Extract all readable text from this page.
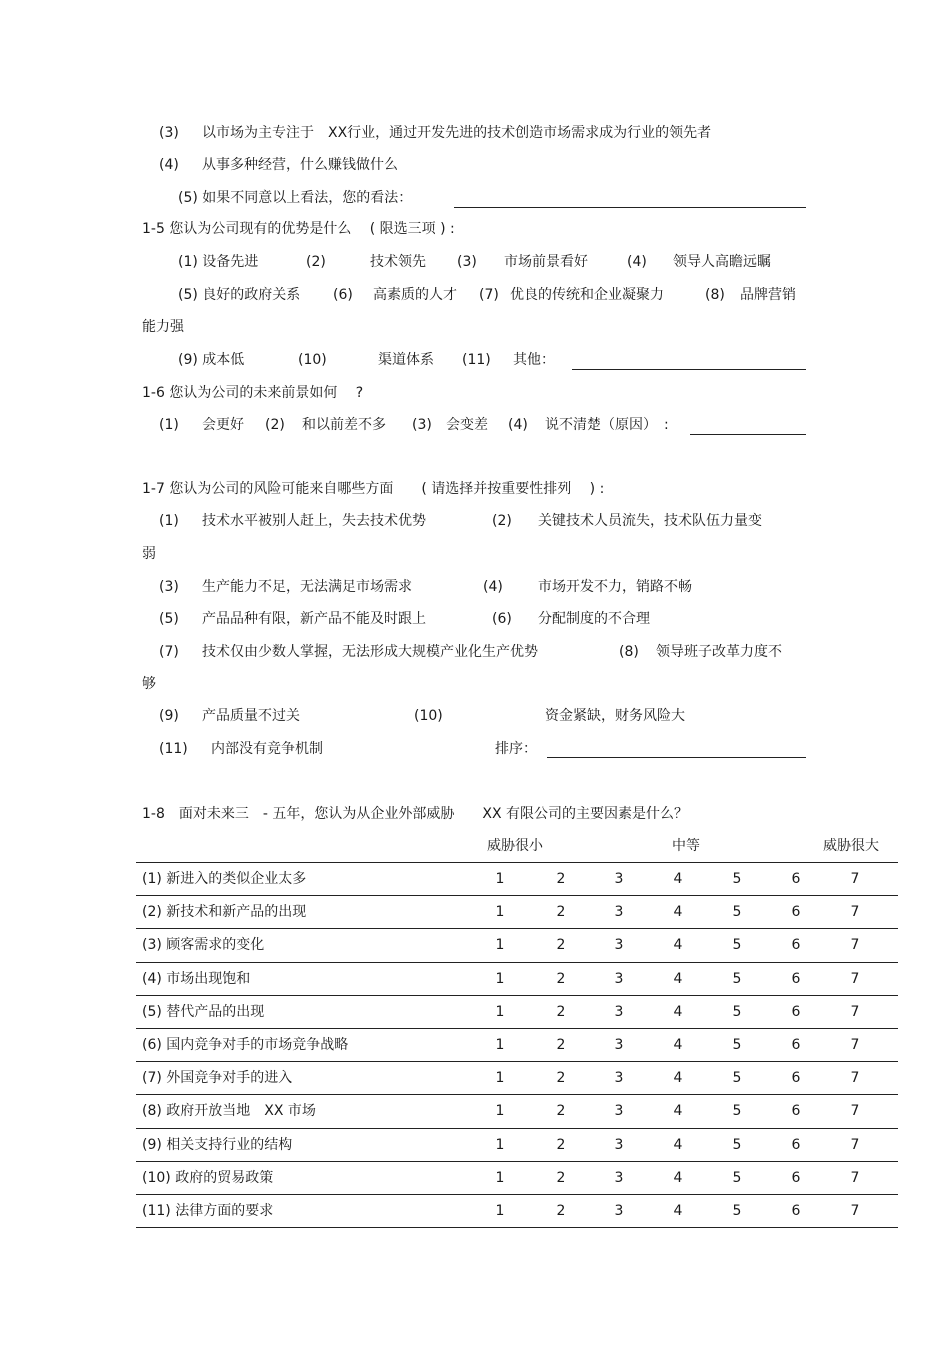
(3) 以市场为主专注于　XX行业，通过开发先进的技术创造市场需求成为行业的领先者
(4) 从事多种经营，什么赚钱做什么
(5) 如果不同意以上看法，您的看法：
1-5 您认为公司现有的优势是什么　 ( 限选三项 ) :
(1) 设备先进	(2)	技术领先 (3) 市场前景看好	(4) 领导人高瞻远瞩
(5) 良好的政府关系 (6) 高素质的人才 (7) 优良的传统和企业凝聚力	(8) 品牌营销
能力强
(9) 成本低	(10)	渠道体系 (11) 其他：
1-6 您认为公司的未来前景如何　 ?
(1) 会更好 (2) 和以前差不多 (3) 会变差 (4) 说不清楚（原因）　:
1-7 您认为公司的风险可能来自哪些方面　　( 请选择并按重要性排列　 ) :
(1) 技术水平被别人赶上，失去技术优势	(2) 关键技术人员流失，技术队伍力量变
弱
(3) 生产能力不足，无法满足市场需求	(4)	市场开发不力，销路不畅
(5) 产品品种有限，新产品不能及时跟上	(6) 分配制度的不合理
(7) 技术仅由少数人掌握，无法形成大规模产业化生产优势	(8) 领导班子改革力度不
够
(9) 产品质量不过关	(10)	资金紧缺，财务风险大
(11) 内部没有竞争机制	排序：
1-8　面对未来三　- 五年，您认为从企业外部威胁　　XX 有限公司的主要因素是什么？
威胁很小	中等	威胁很大
(1) 新进入的类似企业太多	1	2	3	4	5	6	7
(2) 新技术和新产品的出现	1	2	3	4	5	6	7
(3) 顾客需求的变化	1	2	3	4	5	6	7
(4) 市场出现饱和	1	2	3	4	5	6	7
(5) 替代产品的出现	1	2	3	4	5	6	7
(6) 国内竞争对手的市场竞争战略	1	2	3	4	5	6	7
(7) 外国竞争对手的进入	1	2	3	4	5	6	7
(8) 政府开放当地　XX 市场	1	2	3	4	5	6	7
(9) 相关支持行业的结构	1	2	3	4	5	6	7
(10) 政府的贸易政策	1	2	3	4	5	6	7
(11) 法律方面的要求	1	2	3	4	5	6	7
